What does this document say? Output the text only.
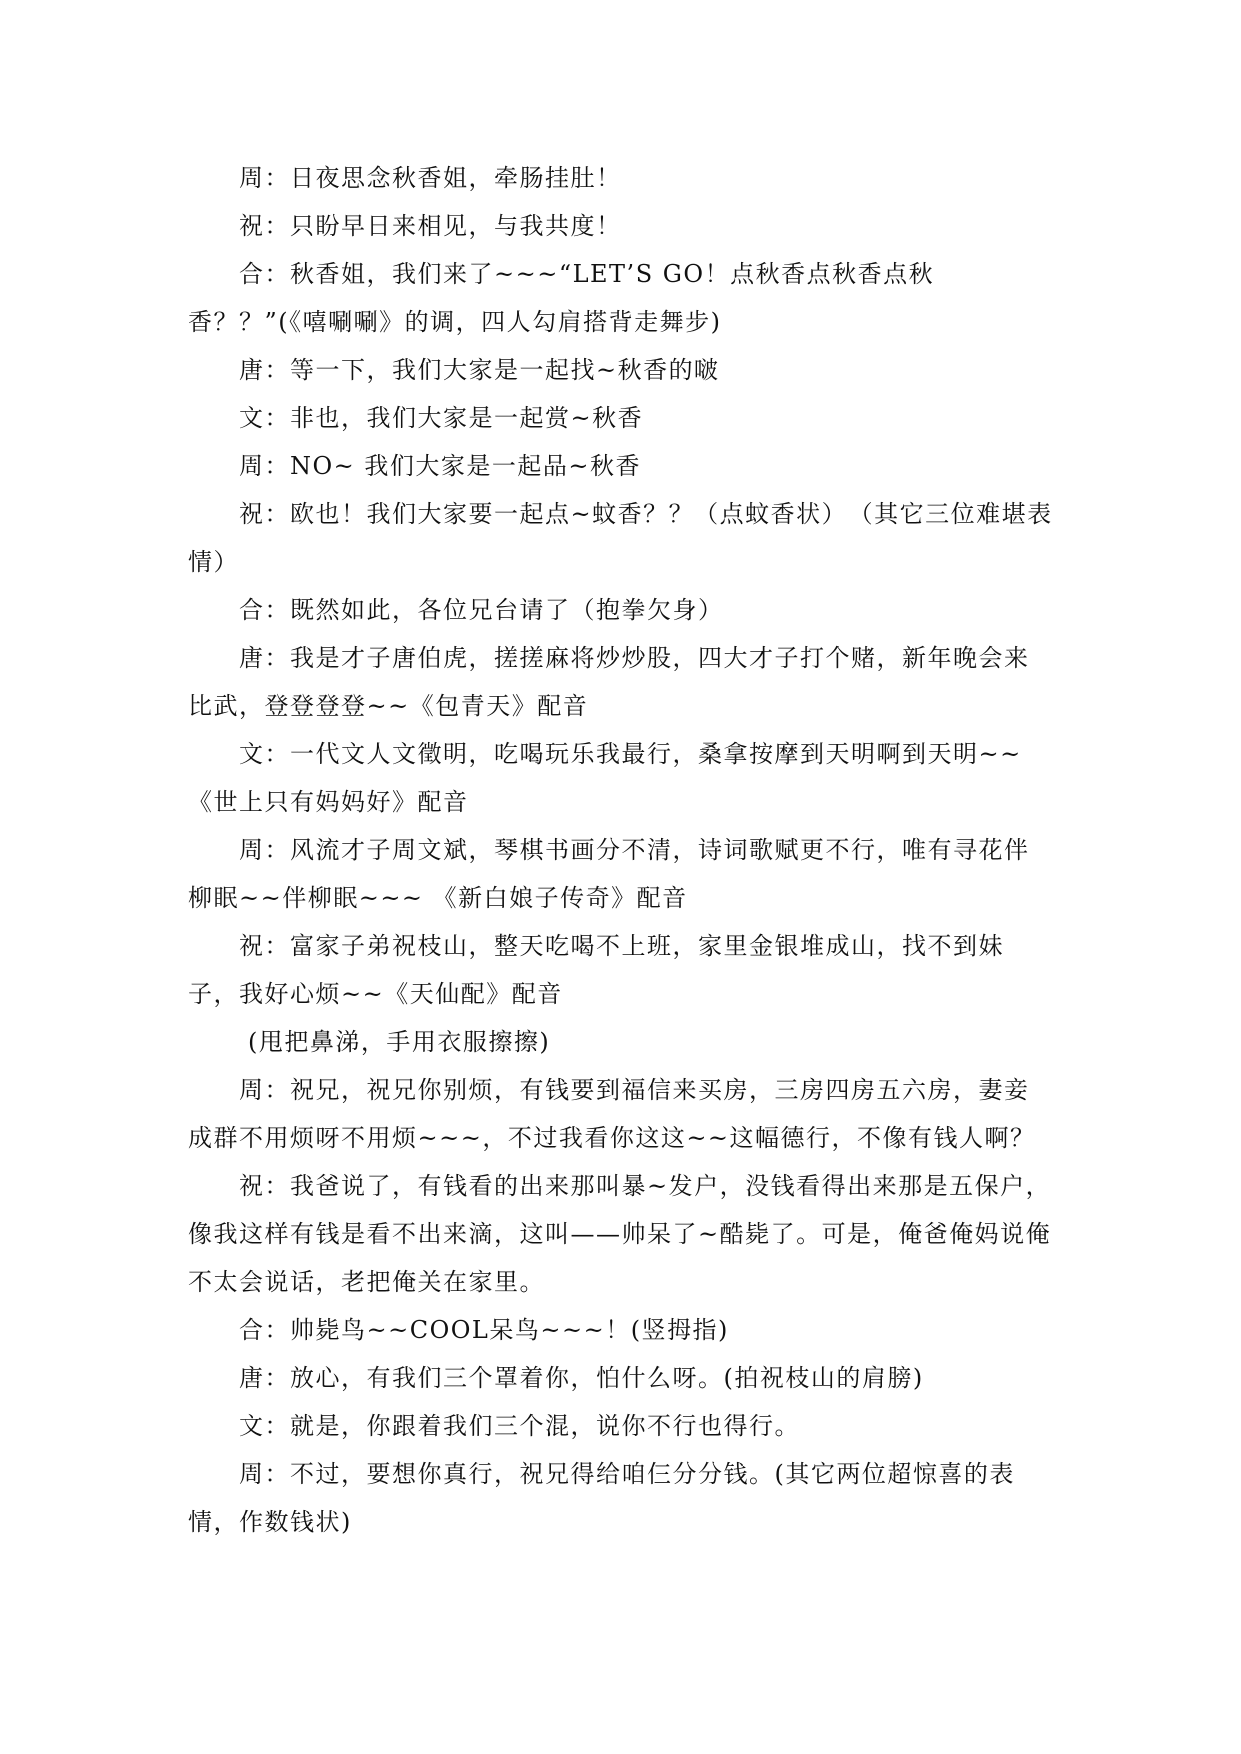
周：日夜思念秋香姐，牵肠挂肚！

祝：只盼早日来相见，与我共度！

合：秋香姐，我们来了~~~“LET’S GO！点秋香点秋香点秋香？？”(《嘻唰唰》的调，四人勾肩搭背走舞步)

唐：等一下，我们大家是一起找~秋香的啵

文：非也，我们大家是一起赏~秋香

周：NO~ 我们大家是一起品~秋香

祝：欧也！我们大家要一起点~蚊香？？（点蚊香状）　（其它三位难堪表情）

合：既然如此，各位兄台请了（抱拳欠身）

唐：我是才子唐伯虎，搓搓麻将炒炒股，四大才子打个赌，新年晚会来比武，登登登登~~《包青天》配音

文：一代文人文徵明，吃喝玩乐我最行，桑拿按摩到天明啊到天明~~《世上只有妈妈好》配音

周：风流才子周文斌，琴棋书画分不清，诗词歌赋更不行，唯有寻花伴柳眠~~伴柳眠~~~ 《新白娘子传奇》配音

祝：富家子弟祝枝山，整天吃喝不上班，家里金银堆成山，找不到妹子，我好心烦~~《天仙配》配音

(甩把鼻涕，手用衣服擦擦)

周：祝兄，祝兄你别烦，有钱要到福信来买房，三房四房五六房，妻妾成群不用烦呀不用烦~~~，不过我看你这这~~这幅德行，不像有钱人啊？

祝：我爸说了，有钱看的出来那叫暴~发户，没钱看得出来那是五保户，像我这样有钱是看不出来滴，这叫——帅呆了~酷毙了。可是，俺爸俺妈说俺不太会说话，老把俺关在家里。

合：帅毙鸟~~COOL呆鸟~~~！(竖拇指)

唐：放心，有我们三个罩着你，怕什么呀。(拍祝枝山的肩膀)

文：就是，你跟着我们三个混，说你不行也得行。

周：不过，要想你真行，祝兄得给咱仨分分钱。(其它两位超惊喜的表情，作数钱状)
